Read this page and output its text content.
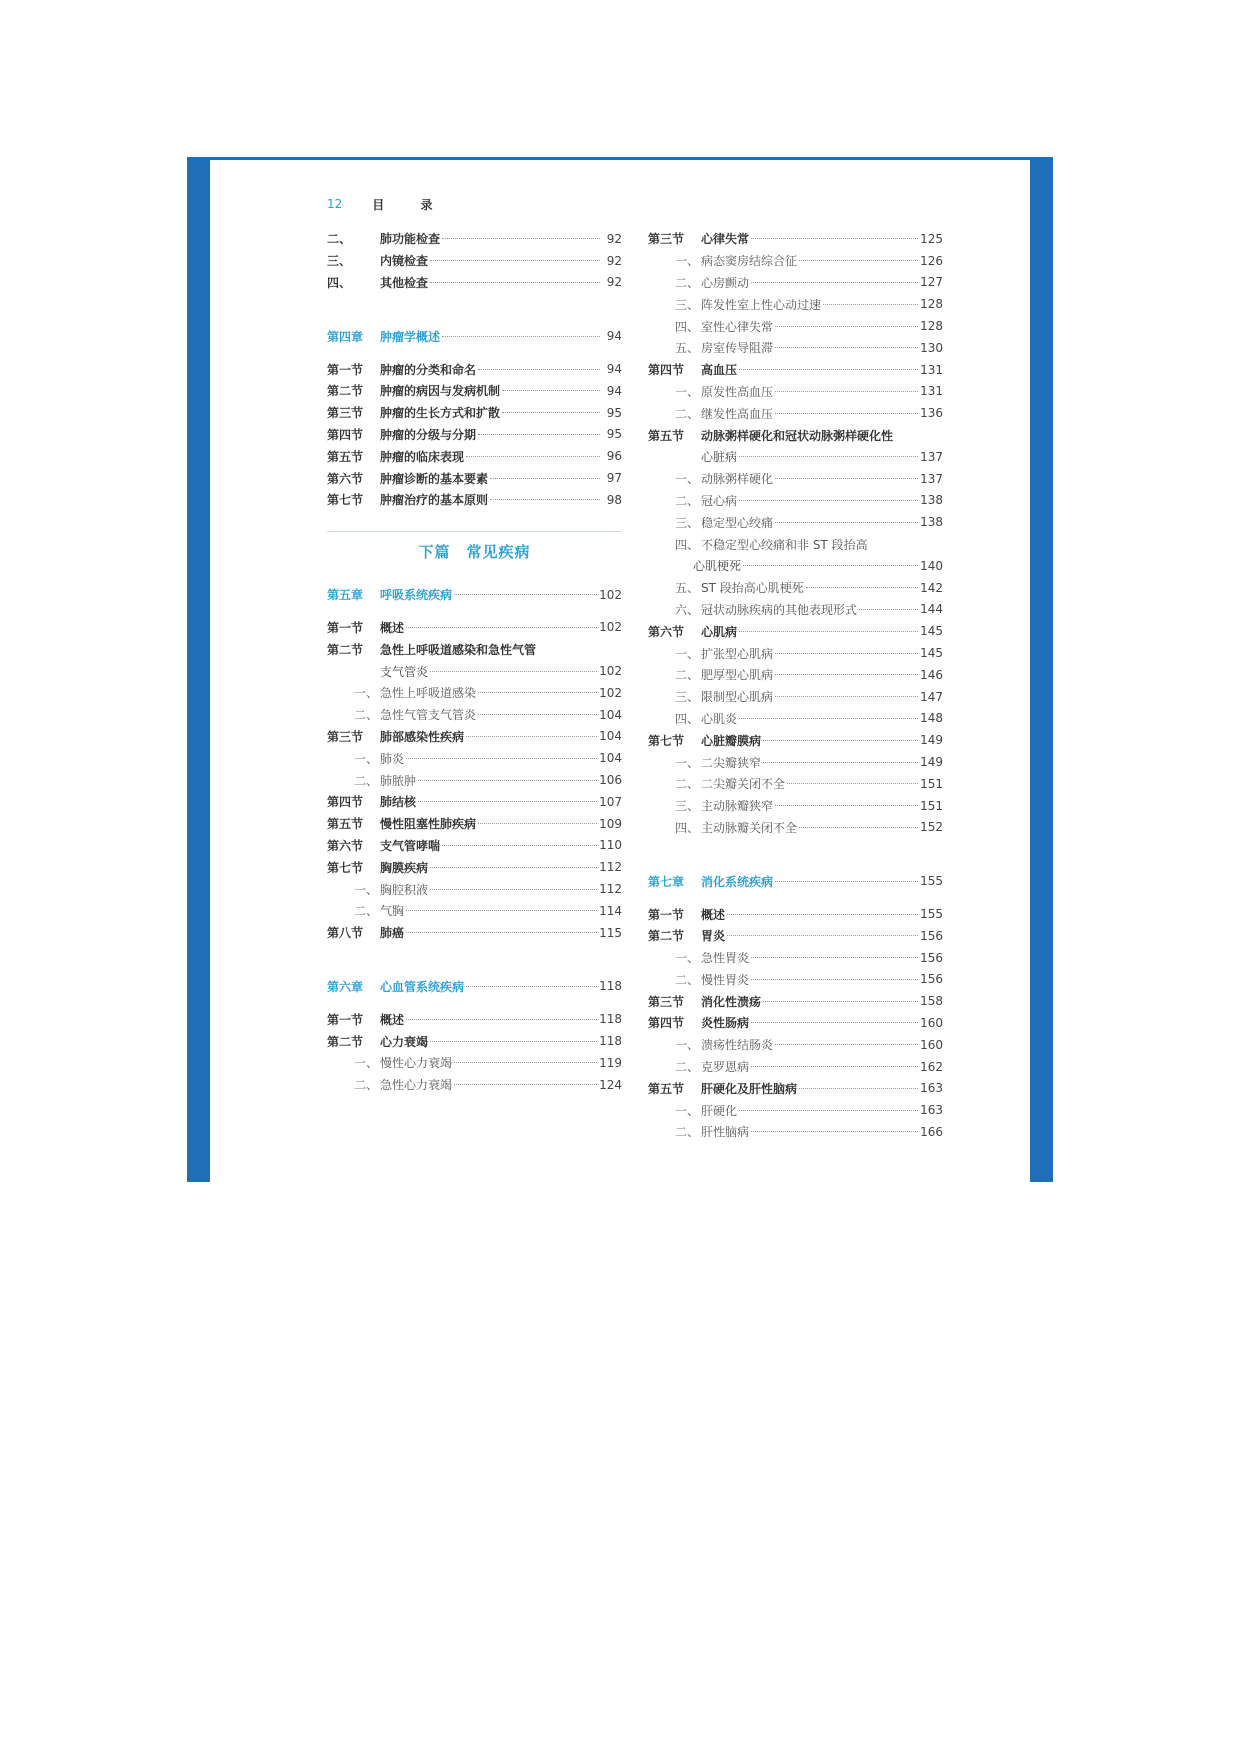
12	目 录
二、	肺功能检查	92
三、	内镜检查	92
四、	其他检查	92
第四章	肿瘤学概述	94
第一节	肿瘤的分类和命名	94
第二节	肿瘤的病因与发病机制	94
第三节	肿瘤的生长方式和扩散	95
第四节	肿瘤的分级与分期	95
第五节	肿瘤的临床表现	96
第六节	肿瘤诊断的基本要素	97
第七节	肿瘤治疗的基本原则	98
下篇 常见疾病
第五章	呼吸系统疾病	102
第一节	概述	102
第二节	急性上呼吸道感染和急性气管
支气管炎	102
一、 急性上呼吸道感染	102
二、 急性气管支气管炎	104
第三节	肺部感染性疾病	104
一、 肺炎	104
二、 肺脓肿	106
第四节	肺结核	107
第五节	慢性阻塞性肺疾病	109
第六节	支气管哮喘	110
第七节	胸膜疾病	112
一、 胸腔积液	112
二、 气胸	114
第八节	肺癌	115
第六章	心血管系统疾病	118
第一节	概述	118
第二节	心力衰竭	118
一、 慢性心力衰竭	119
二、 急性心力衰竭	124
第三节	心律失常	125
一、 病态窦房结综合征	126
二、 心房颤动	127
三、 阵发性室上性心动过速	128
四、 室性心律失常	128
五、 房室传导阻滞	130
第四节	高血压	131
一、 原发性高血压	131
二、 继发性高血压	136
第五节	动脉粥样硬化和冠状动脉粥样硬化性
心脏病	137
一、 动脉粥样硬化	137
二、 冠心病	138
三、 稳定型心绞痛	138
四、 不稳定型心绞痛和非 ST 段抬高
心肌梗死	140
五、 ST 段抬高心肌梗死	142
六、 冠状动脉疾病的其他表现形式	144
第六节	心肌病	145
一、 扩张型心肌病	145
二、 肥厚型心肌病	146
三、 限制型心肌病	147
四、 心肌炎	148
第七节	心脏瓣膜病	149
一、 二尖瓣狭窄	149
二、 二尖瓣关闭不全	151
三、 主动脉瓣狭窄	151
四、 主动脉瓣关闭不全	152
第七章	消化系统疾病	155
第一节	概述	155
第二节	胃炎	156
一、 急性胃炎	156
二、 慢性胃炎	156
第三节	消化性溃疡	158
第四节	炎性肠病	160
一、 溃疡性结肠炎	160
二、 克罗恩病	162
第五节	肝硬化及肝性脑病	163
一、 肝硬化	163
二、 肝性脑病	166
